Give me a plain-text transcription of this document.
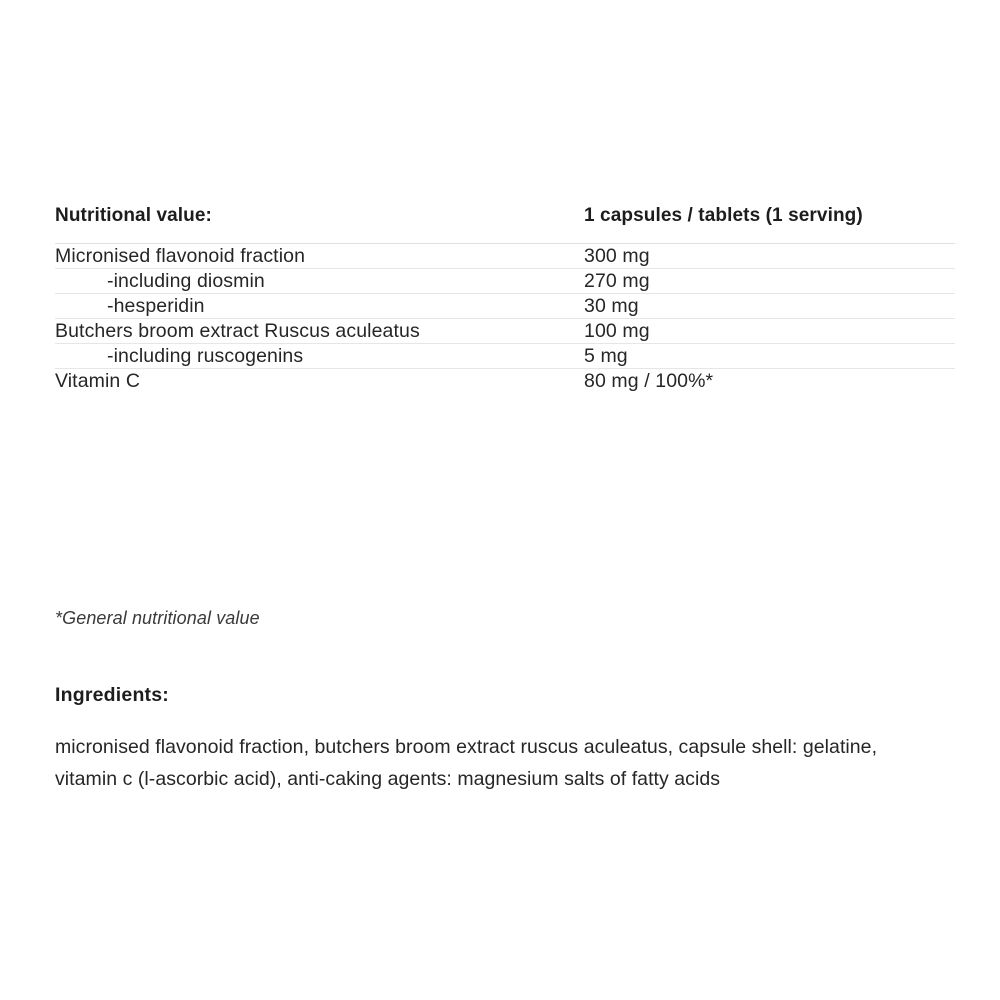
Nutritional value:	1 capsules / tablets (1 serving)
Micronised flavonoid fraction	300 mg
-including diosmin	270 mg
-hesperidin	30 mg
Butchers broom extract Ruscus aculeatus	100 mg
-including ruscogenins	5 mg
Vitamin C	80 mg / 100%*
*General nutritional value
Ingredients:
micronised flavonoid fraction, butchers broom extract ruscus aculeatus, capsule shell: gelatine, vitamin c (l-ascorbic acid), anti-caking agents: magnesium salts of fatty acids
